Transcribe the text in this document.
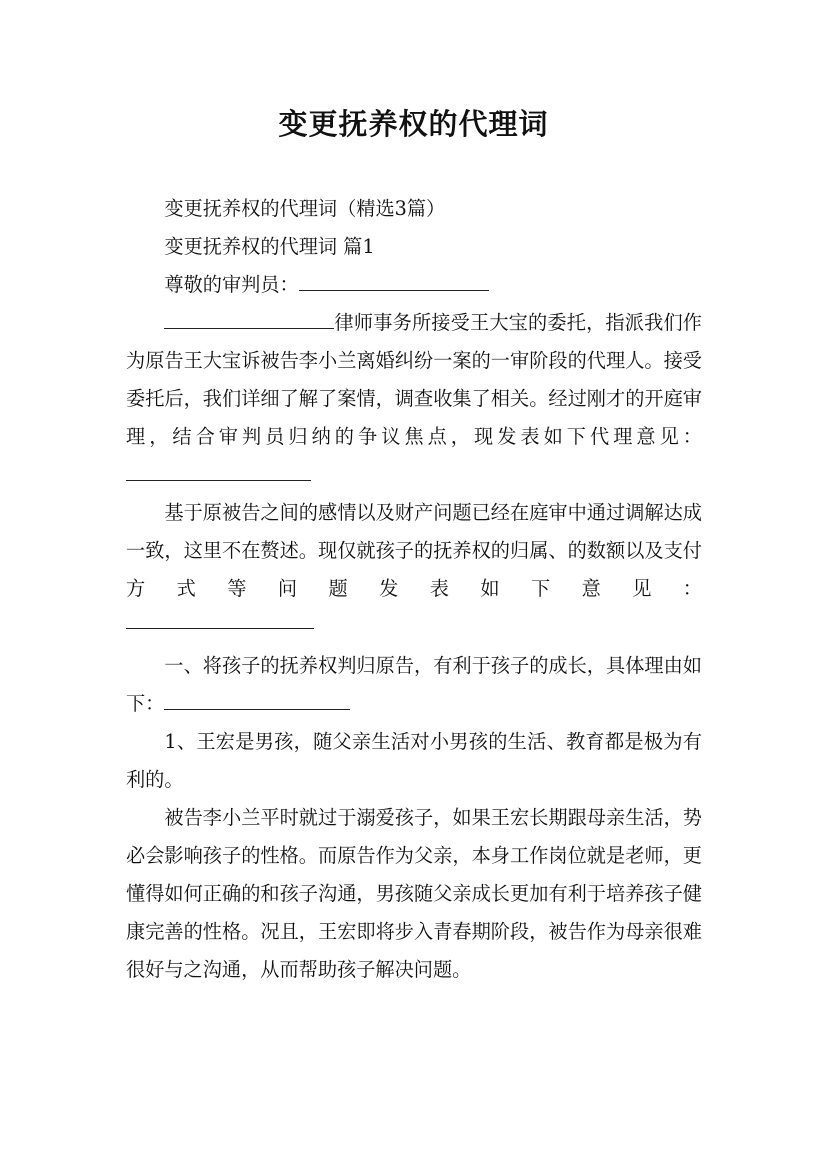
变更抚养权的代理词

变更抚养权的代理词（精选3篇）

变更抚养权的代理词 篇1

尊敬的审判员：

律师事务所接受王大宝的委托，指派我们作为原告王大宝诉被告李小兰离婚纠纷一案的一审阶段的代理人。接受委托后，我们详细了解了案情，调查收集了相关。经过刚才的开庭审理，结合审判员归纳的争议焦点，现发表如下代理意见：

基于原被告之间的感情以及财产问题已经在庭审中通过调解达成一致，这里不在赘述。现仅就孩子的抚养权的归属、的数额以及支付方式等问题发表如下意见：

一、将孩子的抚养权判归原告，有利于孩子的成长，具体理由如下：

1、王宏是男孩，随父亲生活对小男孩的生活、教育都是极为有利的。

被告李小兰平时就过于溺爱孩子，如果王宏长期跟母亲生活，势必会影响孩子的性格。而原告作为父亲，本身工作岗位就是老师，更懂得如何正确的和孩子沟通，男孩随父亲成长更加有利于培养孩子健康完善的性格。况且，王宏即将步入青春期阶段，被告作为母亲很难很好与之沟通，从而帮助孩子解决问题。
